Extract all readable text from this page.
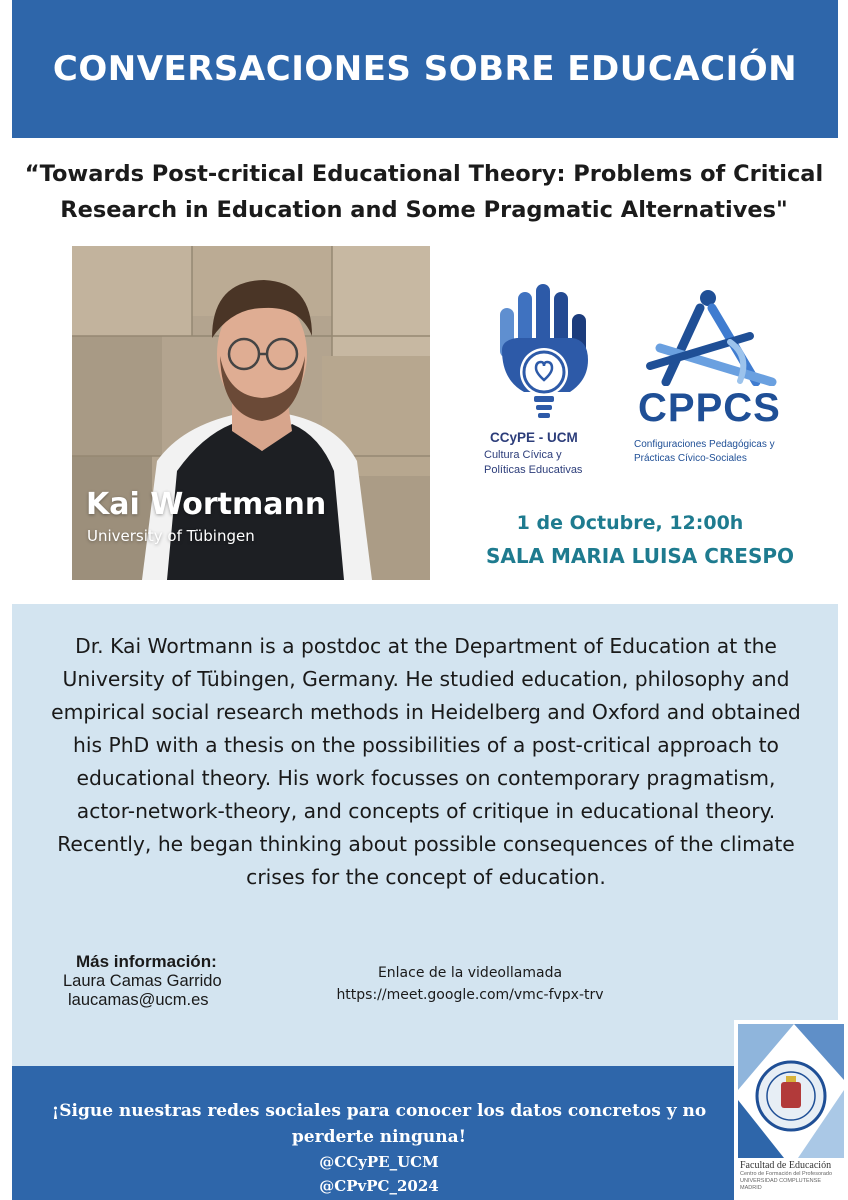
CONVERSACIONES SOBRE EDUCACIÓN
“Towards Post-critical Educational Theory: Problems of Critical
Research in Education and Some Pragmatic Alternatives"
Kai Wortmann
University of Tübingen
CCyPE - UCM
Cultura Cívica y
Políticas Educativas
CPPCS
Configuraciones Pedagógicas y
Prácticas Cívico-Sociales
1 de Octubre, 12:00h
SALA MARIA LUISA CRESPO
Dr. Kai Wortmann is a postdoc at the Department of Education at the University of Tübingen, Germany. He studied education, philosophy and empirical social research methods in Heidelberg and Oxford and obtained his PhD with a thesis on the possibilities of a post-critical approach to educational theory. His work focusses on contemporary pragmatism, actor-network-theory, and concepts of critique in educational theory. Recently, he began thinking about possible consequences of the climate crises for the concept of education.
Más información:
Laura Camas Garrido
laucamas@ucm.es
Enlace de la videollamada
https://meet.google.com/vmc-fvpx-trv
¡Sigue nuestras redes sociales para conocer los datos concretos y no
perderte ninguna!
@CCyPE_UCM
@CPvPC_2024
Facultad de Educación
Centro de Formación del Profesorado
UNIVERSIDAD COMPLUTENSE MADRID
